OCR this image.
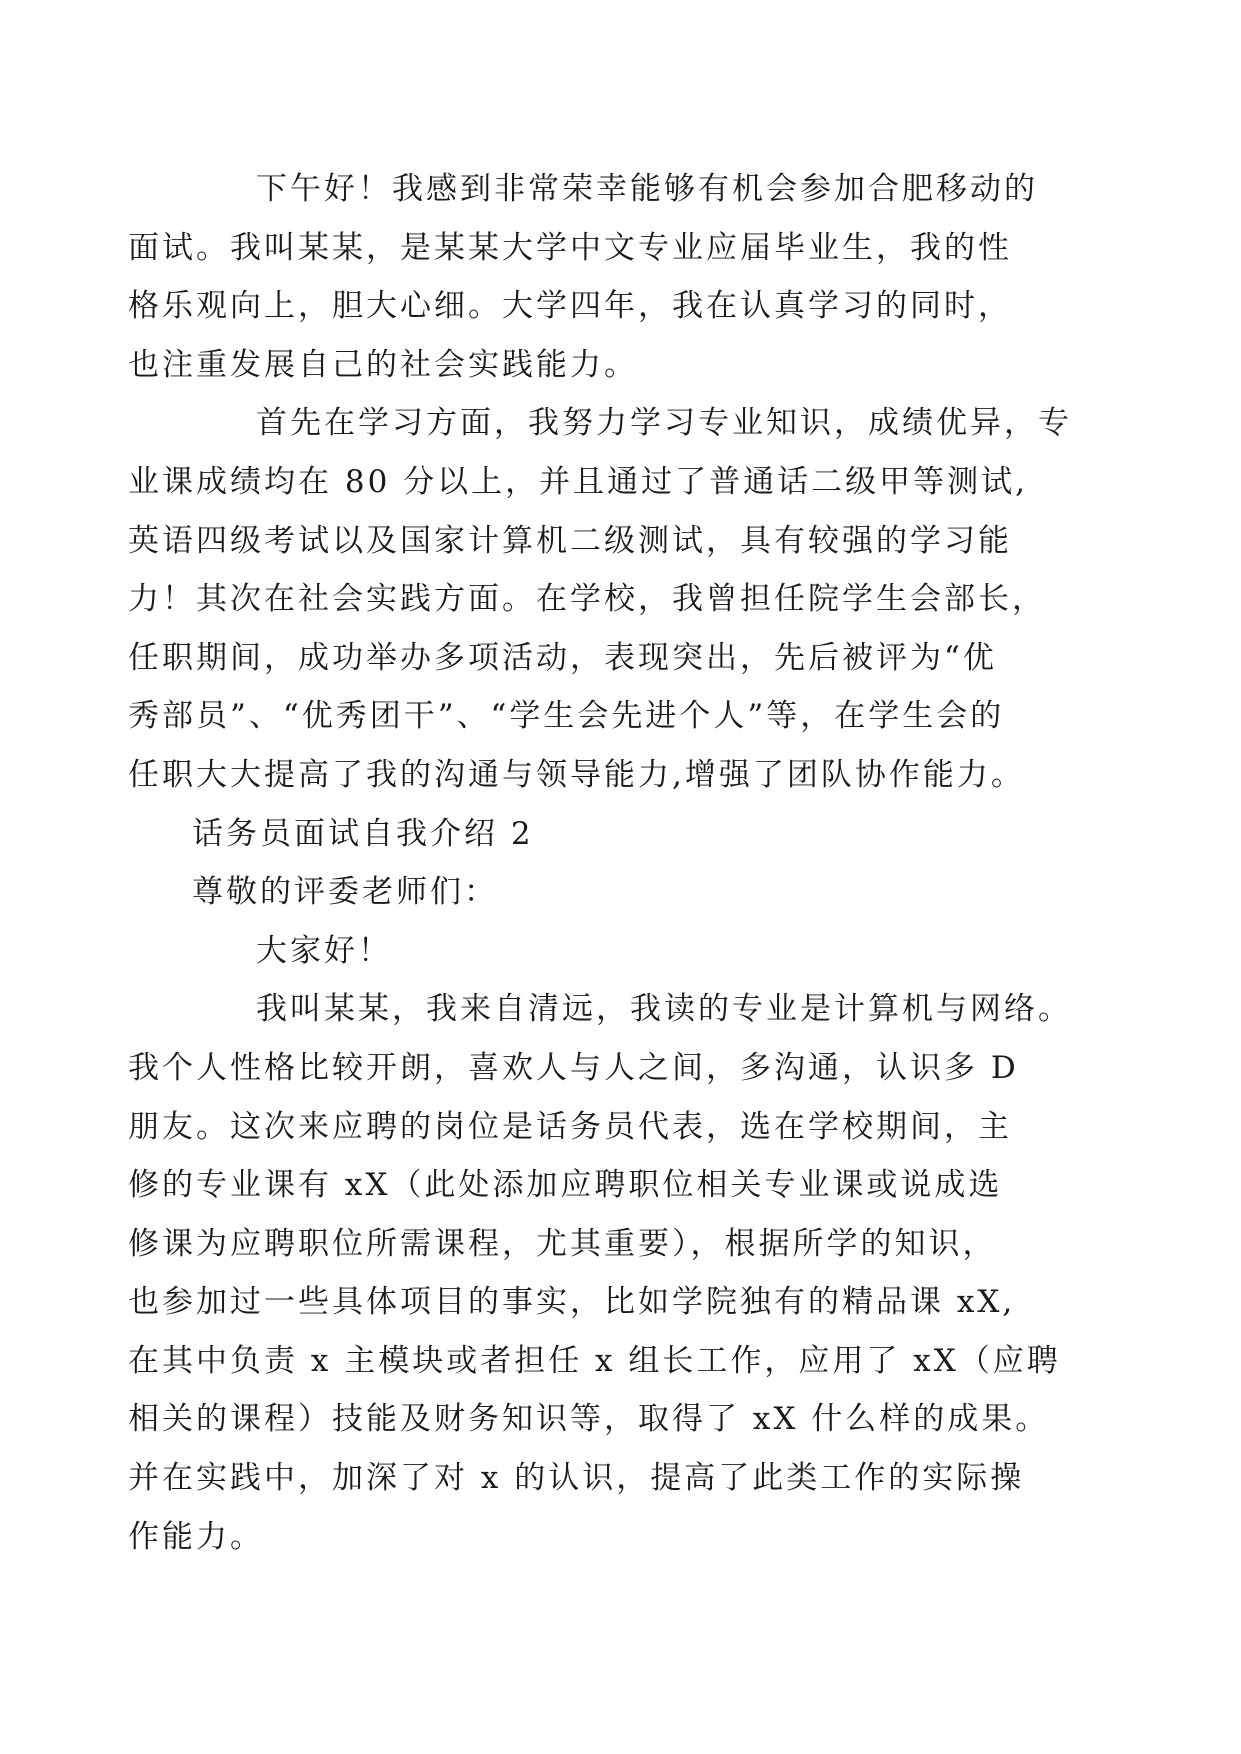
下午好！我感到非常荣幸能够有机会参加合肥移动的
面试。我叫某某，是某某大学中文专业应届毕业生，我的性
格乐观向上，胆大心细。大学四年，我在认真学习的同时，
也注重发展自己的社会实践能力。

首先在学习方面，我努力学习专业知识，成绩优异，专
业课成绩均在 80 分以上，并且通过了普通话二级甲等测试,
英语四级考试以及国家计算机二级测试，具有较强的学习能
力！其次在社会实践方面。在学校，我曾担任院学生会部长，
任职期间，成功举办多项活动，表现突出，先后被评为“优
秀部员”、“优秀团干”、“学生会先进个人”等，在学生会的
任职大大提高了我的沟通与领导能力,增强了团队协作能力。

话务员面试自我介绍 2

尊敬的评委老师们：

大家好！

我叫某某，我来自清远，我读的专业是计算机与网络。
我个人性格比较开朗，喜欢人与人之间，多沟通，认识多 D
朋友。这次来应聘的岗位是话务员代表，选在学校期间，主
修的专业课有 xX（此处添加应聘职位相关专业课或说成选
修课为应聘职位所需课程，尤其重要），根据所学的知识，
也参加过一些具体项目的事实，比如学院独有的精品课 xX,
在其中负责 x 主模块或者担任 x 组长工作，应用了 xX（应聘
相关的课程）技能及财务知识等，取得了 xX 什么样的成果。
并在实践中，加深了对 x 的认识，提高了此类工作的实际操
作能力。
